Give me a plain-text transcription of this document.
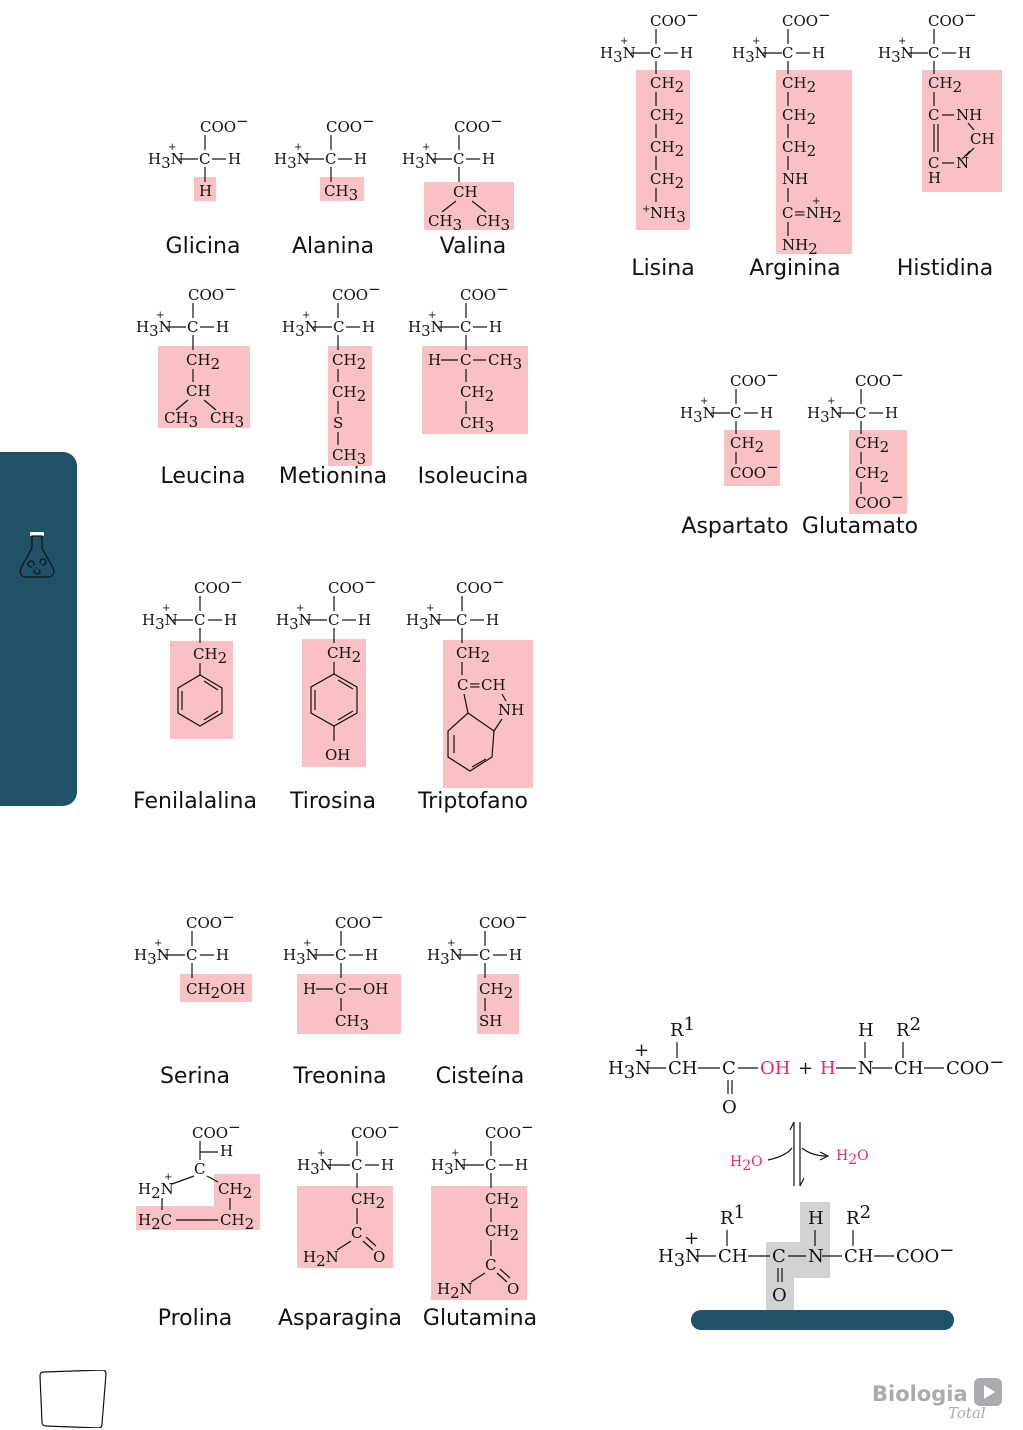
COO−
H3N
+
C H
H
Glicina
COO−
H3N
+
C H
CH3
Alanina
COO−
H3N
+
C H
CH
CH3 CH3
Valina
COO−
H3N
+
C H
CH2
CH
CH3 CH3
Leucina
COO−
H3N
+
C H
CH2
CH2
S
CH3
Metionina
COO−
H3N
+
C H
H C CH3
CH2
CH3
Isoleucina
COO−
H3N
+
C H
CH2
Fenilalalina
COO−
H3N
+
C H
CH2
OH
Tirosina
COO−
H3N
+
C H
CH2
C=CH
NH
Triptofano
COO−
H3N
+
C H
CH2OH
Serina
COO−
H3N
+
C H
H C OH
CH3
Treonina
COO−
H3N
+
C H
CH2
SH
Cisteína
COO−
H
C
H2N
+
CH2
H2C	CH2
Prolina
COO−
H3N
+
C H
CH2
C
H2N O
Asparagina
COO−
H3N
+
C H
CH2
CH2
C
H2N O
Glutamina
COO−
H3N
+
C H
CH2
CH2
CH2
CH2
+ NH3
Lisina
COO−
H3N
+
C H
CH2
CH2
CH2
NH
+
C=NH2
NH2
Arginina
COO−
H3N
+
C H
CH2
C NH
CH
C N
H
Histidina
COO−
H3N
+
C H
CH2
COO−
Aspartato
COO−
H3N
+
C H
CH2
CH2
COO−
Glutamato
R1
H3N
+
CH C
O
OH + H N
H
CH
R2
COO−
H2O	H2O
R1
H3N
+
CH C
O
N
H
CH
R2
COO−
Biologia
Total
